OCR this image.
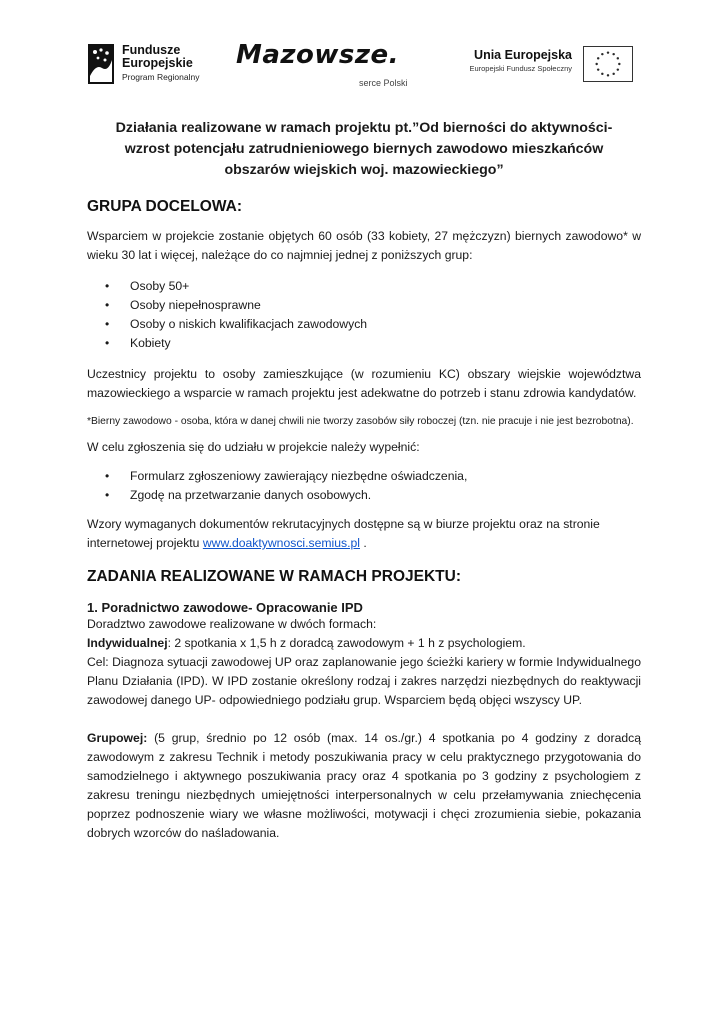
Fundusze
Europejskie
Program Regionalny
Mazowsze.
serce Polski
Unia Europejska
Europejski Fundusz Społeczny
Działania realizowane w ramach projektu pt.”Od bierności do aktywności-
wzrost potencjału zatrudnieniowego biernych zawodowo mieszkańców
obszarów wiejskich woj. mazowieckiego”
GRUPA DOCELOWA:

Wsparciem w projekcie zostanie objętych 60 osób (33 kobiety, 27 mężczyzn) biernych zawodowo* w wieku 30 lat i więcej, należące do co najmniej jednej z poniższych grup:

• Osoby 50+
• Osoby niepełnosprawne
• Osoby o niskich kwalifikacjach zawodowych
• Kobiety

Uczestnicy projektu to osoby zamieszkujące (w rozumieniu KC) obszary wiejskie województwa mazowieckiego a wsparcie w ramach projektu jest adekwatne do potrzeb i stanu zdrowia kandydatów.

*Bierny zawodowo - osoba, która w danej chwili nie tworzy zasobów siły roboczej (tzn. nie pracuje i nie jest bezrobotna).

W celu zgłoszenia się do udziału w projekcie należy wypełnić:

• Formularz zgłoszeniowy zawierający niezbędne oświadczenia,
• Zgodę na przetwarzanie danych osobowych.

Wzory wymaganych dokumentów rekrutacyjnych dostępne są w biurze projektu oraz na stronie internetowej projektu www.doaktywnosci.semius.pl .

ZADANIA REALIZOWANE W RAMACH PROJEKTU:
1. Poradnictwo zawodowe- Opracowanie IPD

Doradztwo zawodowe realizowane w dwóch formach:

Indywidualnej: 2 spotkania x 1,5 h z doradcą zawodowym + 1 h z psychologiem.

Cel: Diagnoza sytuacji zawodowej UP oraz zaplanowanie jego ścieżki kariery w formie Indywidualnego Planu Działania (IPD). W IPD zostanie określony rodzaj i zakres narzędzi niezbędnych do reaktywacji zawodowej danego UP- odpowiedniego podziału grup. Wsparciem będą objęci wszyscy UP.

Grupowej: (5 grup, średnio po 12 osób (max. 14 os./gr.) 4 spotkania po 4 godziny z doradcą zawodowym z zakresu Technik i metody poszukiwania pracy w celu praktycznego przygotowania do samodzielnego i aktywnego poszukiwania pracy oraz 4 spotkania po 3 godziny z psychologiem z zakresu treningu niezbędnych umiejętności interpersonalnych w celu przełamywania zniechęcenia poprzez podnoszenie wiary we własne możliwości, motywacji i chęci zrozumienia siebie, pokazania dobrych wzorców do naśladowania.
